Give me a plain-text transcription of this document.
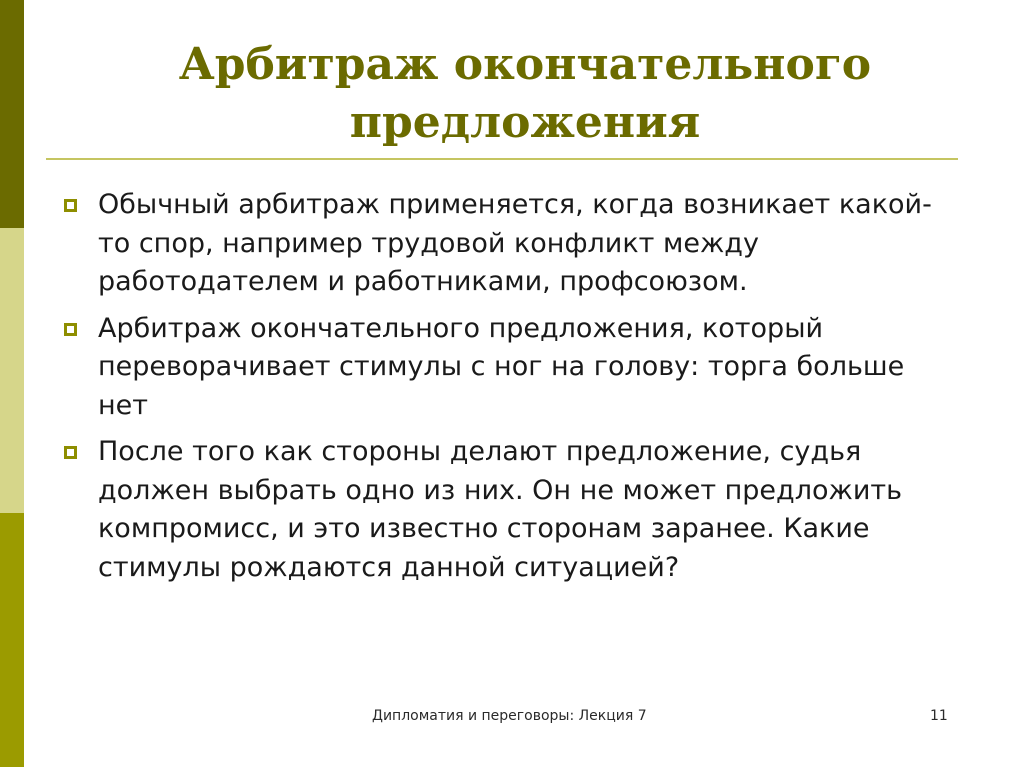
Арбитраж окончательного
предложения
Обычный арбитраж применяется, когда возникает какой-то спор, например трудовой конфликт между работодателем и работниками, профсоюзом.
Арбитраж окончательного предложения, который переворачивает стимулы с ног на голову: торга больше нет
После того как стороны делают предложение, судья должен выбрать одно из них. Он не может предложить компромисс, и это известно сторонам заранее. Какие стимулы рождаются данной ситуацией?
Дипломатия и переговоры: Лекция 7	11
